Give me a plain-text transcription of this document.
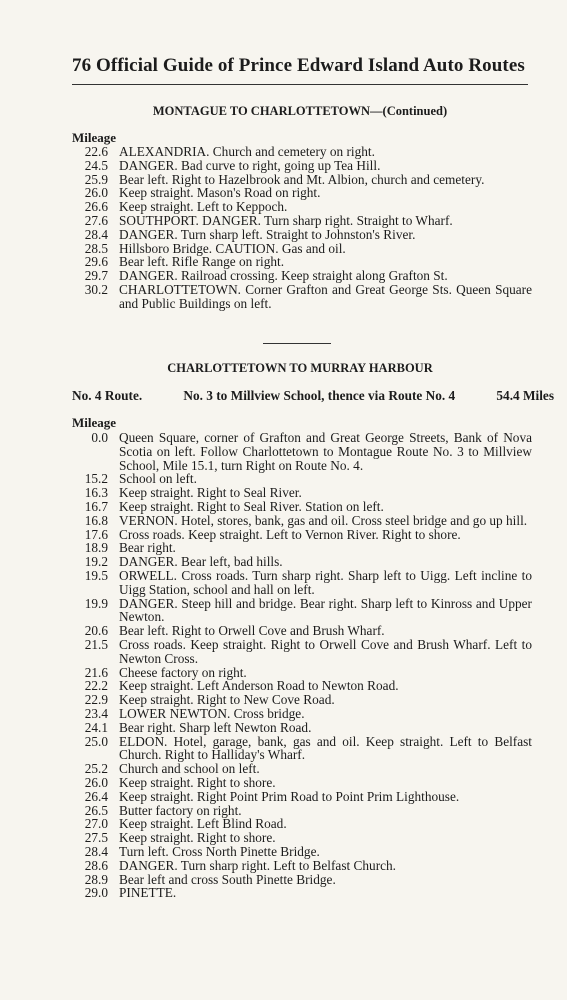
76 Official Guide of Prince Edward Island Auto Routes
MONTAGUE TO CHARLOTTETOWN—(Continued)
Mileage
22.6 ALEXANDRIA. Church and cemetery on right.
24.5 DANGER. Bad curve to right, going up Tea Hill.
25.9 Bear left. Right to Hazelbrook and Mt. Albion, church and cemetery.
26.0 Keep straight. Mason's Road on right.
26.6 Keep straight. Left to Keppoch.
27.6 SOUTHPORT. DANGER. Turn sharp right. Straight to Wharf.
28.4 DANGER. Turn sharp left. Straight to Johnston's River.
28.5 Hillsboro Bridge. CAUTION. Gas and oil.
29.6 Bear left. Rifle Range on right.
29.7 DANGER. Railroad crossing. Keep straight along Grafton St.
30.2 CHARLOTTETOWN. Corner Grafton and Great George Sts. Queen Square and Public Buildings on left.
CHARLOTTETOWN TO MURRAY HARBOUR
No. 4 Route.	No. 3 to Millview School, thence via Route No. 4	54.4 Miles
Mileage
0.0 Queen Square, corner of Grafton and Great George Streets, Bank of Nova Scotia on left. Follow Charlottetown to Montague Route No. 3 to Millview School, Mile 15.1, turn Right on Route No. 4.
15.2 School on left.
16.3 Keep straight. Right to Seal River.
16.7 Keep straight. Right to Seal River. Station on left.
16.8 VERNON. Hotel, stores, bank, gas and oil. Cross steel bridge and go up hill.
17.6 Cross roads. Keep straight. Left to Vernon River. Right to shore.
18.9 Bear right.
19.2 DANGER. Bear left, bad hills.
19.5 ORWELL. Cross roads. Turn sharp right. Sharp left to Uigg. Left incline to Uigg Station, school and hall on left.
19.9 DANGER. Steep hill and bridge. Bear right. Sharp left to Kinross and Upper Newton.
20.6 Bear left. Right to Orwell Cove and Brush Wharf.
21.5 Cross roads. Keep straight. Right to Orwell Cove and Brush Wharf. Left to Newton Cross.
21.6 Cheese factory on right.
22.2 Keep straight. Left Anderson Road to Newton Road.
22.9 Keep straight. Right to New Cove Road.
23.4 LOWER NEWTON. Cross bridge.
24.1 Bear right. Sharp left Newton Road.
25.0 ELDON. Hotel, garage, bank, gas and oil. Keep straight. Left to Belfast Church. Right to Halliday's Wharf.
25.2 Church and school on left.
26.0 Keep straight. Right to shore.
26.4 Keep straight. Right Point Prim Road to Point Prim Lighthouse.
26.5 Butter factory on right.
27.0 Keep straight. Left Blind Road.
27.5 Keep straight. Right to shore.
28.4 Turn left. Cross North Pinette Bridge.
28.6 DANGER. Turn sharp right. Left to Belfast Church.
28.9 Bear left and cross South Pinette Bridge.
29.0 PINETTE.
